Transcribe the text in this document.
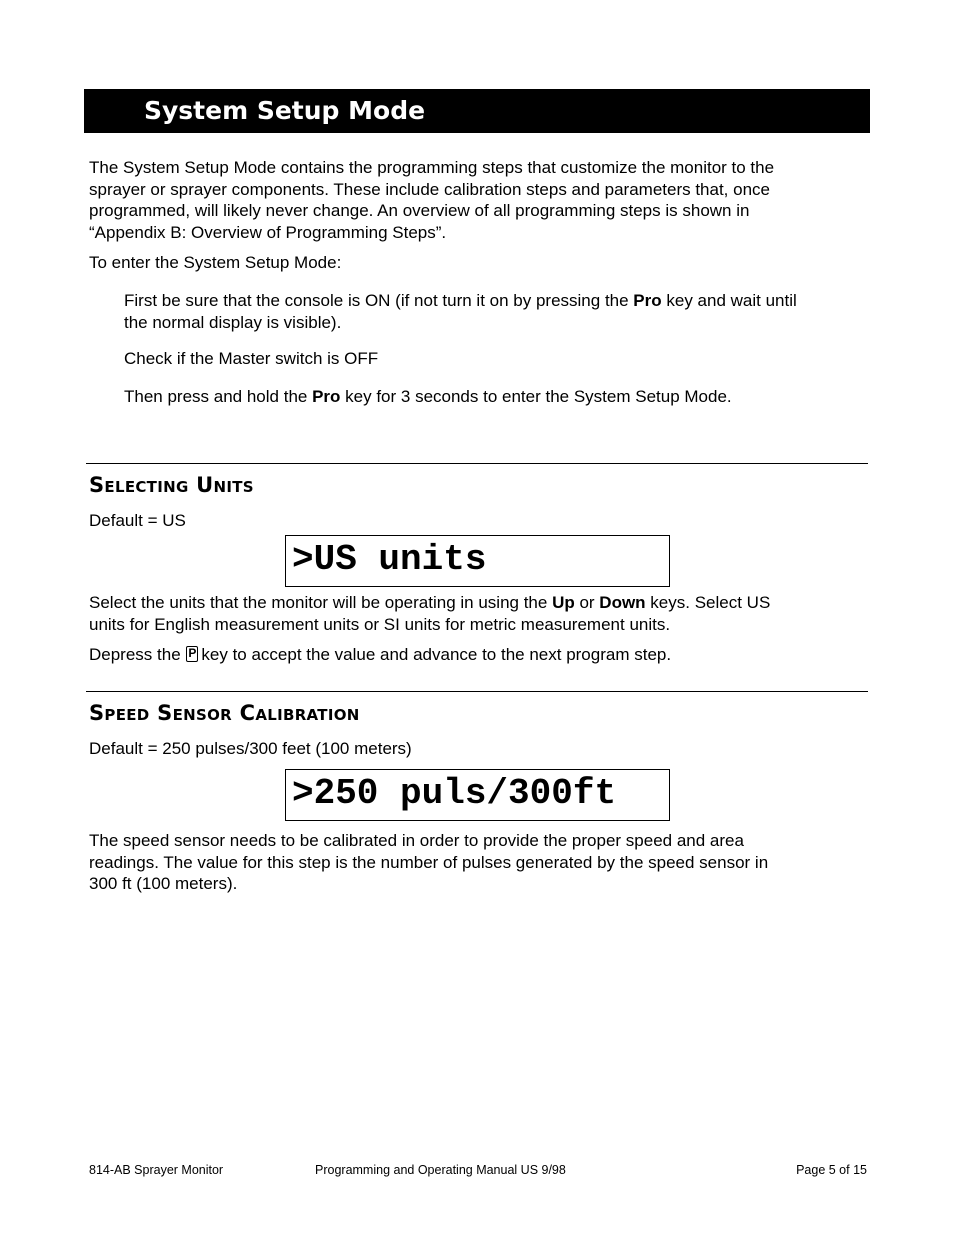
System Setup Mode
The System Setup Mode contains the programming steps that customize the monitor to the
sprayer or sprayer components. These include calibration steps and parameters that, once
programmed, will likely never change. An overview of all programming steps is shown in
“Appendix B: Overview of Programming Steps”.
To enter the System Setup Mode:
First be sure that the console is ON (if not turn it on by pressing the Pro key and wait until
the normal display is visible).
Check if the Master switch is OFF
Then press and hold the Pro key for 3 seconds to enter the System Setup Mode.
Selecting Units
Default = US
>US units
Select the units that the monitor will be operating in using the Up or Down keys. Select US
units for English measurement units or SI units for metric measurement units.
Depress the P key to accept the value and advance to the next program step.
Speed Sensor Calibration
Default = 250 pulses/300 feet (100 meters)
>250 puls/300ft
The speed sensor needs to be calibrated in order to provide the proper speed and area
readings. The value for this step is the number of pulses generated by the speed sensor in
300 ft (100 meters).
814-AB Sprayer Monitor	Programming and Operating Manual US 9/98	Page 5 of 15
